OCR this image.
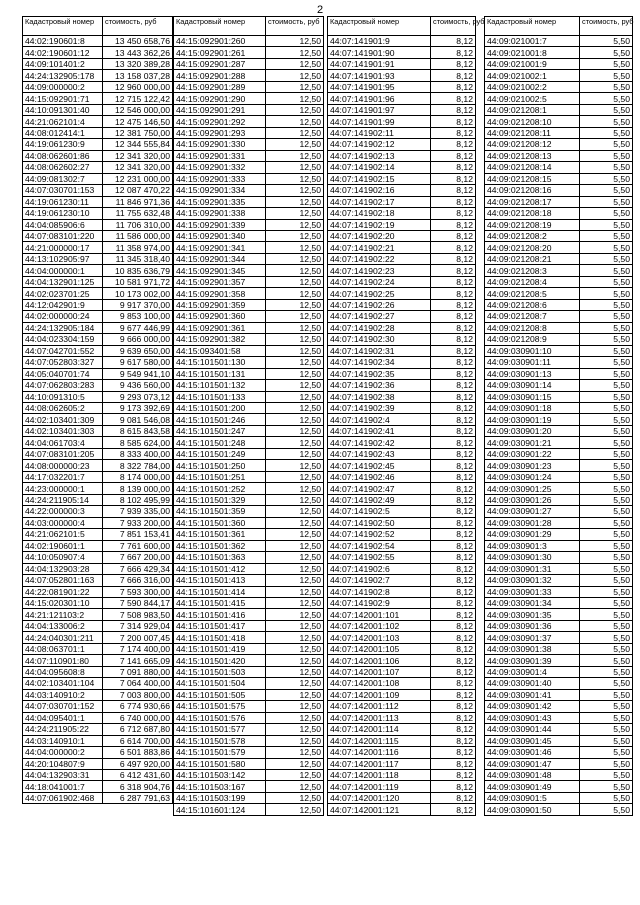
2
Кадастровый номер	стоимость, руб
44:02:190601:8	13 450 658,76
44:02:190601:12	13 443 362,26
44:09:101401:2	13 320 389,28
44:24:132905:178	13 158 037,28
44:09:000000:2	12 960 000,00
44:15:092901:71	12 715 122,42
44:10:091301:40	12 546 000,00
44:21:062101:4	12 475 146,50
44:08:012414:1	12 381 750,00
44:19:061230:9	12 344 555,84
44:08:062601:86	12 341 320,00
44:08:062602:27	12 341 320,00
44:09:081302:7	12 231 000,00
44:07:030701:153	12 087 470,22
44:19:061230:11	11 846 971,36
44:19:061230:10	11 755 632,48
44:04:085906:6	11 706 310,00
44:07:083101:220	11 586 000,00
44:21:000000:17	11 358 974,00
44:13:102905:97	11 345 318,40
44:04:000000:1	10 835 636,79
44:04:132901:125	10 581 971,72
44:02:023701:25	10 173 002,00
44:12:042901:9	9 917 370,00
44:02:000000:24	9 853 100,00
44:24:132905:184	9 677 446,99
44:04:023304:159	9 666 000,00
44:07:042701:552	9 639 650,00
44:07:052803:327	9 617 580,00
44:05:040701:74	9 549 941,10
44:07:062803:283	9 436 560,00
44:10:091310:5	9 293 073,12
44:08:062605:2	9 173 392,69
44:02:103401:309	9 081 546,08
44:02:103401:303	8 615 843,58
44:04:061703:4	8 585 624,00
44:07:083101:205	8 333 400,00
44:08:000000:23	8 322 784,00
44:17:032201:7	8 174 000,00
44:23:000000:1	8 139 000,00
44:24:211905:14	8 102 495,99
44:22:000000:3	7 939 335,00
44:03:000000:4	7 933 200,00
44:21:062101:5	7 851 153,41
44:02:190601:1	7 761 600,00
44:10:050907:4	7 667 200,00
44:04:132903:28	7 666 429,34
44:07:052801:163	7 666 316,00
44:22:081901:22	7 593 300,00
44:15:020301:10	7 590 844,17
44:21:121103:2	7 508 983,50
44:04:133006:2	7 314 929,04
44:24:040301:211	7 200 007,45
44:08:063701:1	7 174 400,00
44:07:110901:80	7 141 665,09
44:04:095608:8	7 091 880,00
44:02:103401:104	7 064 400,00
44:03:140910:2	7 003 800,00
44:07:030701:152	6 774 930,66
44:04:095401:1	6 740 000,00
44:24:211905:22	6 712 687,80
44:03:140910:1	6 614 700,00
44:04:000000:2	6 501 883,86
44:20:104807:9	6 497 920,00
44:04:132903:31	6 412 431,60
44:18:041001:7	6 318 904,76
44:07:061902:468	6 287 791,63
Кадастровый номер	стоимость, руб
44:15:092901:260	12,50
44:15:092901:261	12,50
44:15:092901:287	12,50
44:15:092901:288	12,50
44:15:092901:289	12,50
44:15:092901:290	12,50
44:15:092901:291	12,50
44:15:092901:292	12,50
44:15:092901:293	12,50
44:15:092901:330	12,50
44:15:092901:331	12,50
44:15:092901:332	12,50
44:15:092901:333	12,50
44:15:092901:334	12,50
44:15:092901:335	12,50
44:15:092901:338	12,50
44:15:092901:339	12,50
44:15:092901:340	12,50
44:15:092901:341	12,50
44:15:092901:344	12,50
44:15:092901:345	12,50
44:15:092901:357	12,50
44:15:092901:358	12,50
44:15:092901:359	12,50
44:15:092901:360	12,50
44:15:092901:361	12,50
44:15:092901:382	12,50
44:15:093401:58	12,50
44:15:101501:130	12,50
44:15:101501:131	12,50
44:15:101501:132	12,50
44:15:101501:133	12,50
44:15:101501:200	12,50
44:15:101501:246	12,50
44:15:101501:247	12,50
44:15:101501:248	12,50
44:15:101501:249	12,50
44:15:101501:250	12,50
44:15:101501:251	12,50
44:15:101501:252	12,50
44:15:101501:329	12,50
44:15:101501:359	12,50
44:15:101501:360	12,50
44:15:101501:361	12,50
44:15:101501:362	12,50
44:15:101501:363	12,50
44:15:101501:412	12,50
44:15:101501:413	12,50
44:15:101501:414	12,50
44:15:101501:415	12,50
44:15:101501:416	12,50
44:15:101501:417	12,50
44:15:101501:418	12,50
44:15:101501:419	12,50
44:15:101501:420	12,50
44:15:101501:503	12,50
44:15:101501:504	12,50
44:15:101501:505	12,50
44:15:101501:575	12,50
44:15:101501:576	12,50
44:15:101501:577	12,50
44:15:101501:578	12,50
44:15:101501:579	12,50
44:15:101501:580	12,50
44:15:101503:142	12,50
44:15:101503:167	12,50
44:15:101503:199	12,50
44:15:101601:124	12,50
Кадастровый номер	стоимость, руб
44:07:141901:9	8,12
44:07:141901:90	8,12
44:07:141901:91	8,12
44:07:141901:93	8,12
44:07:141901:95	8,12
44:07:141901:96	8,12
44:07:141901:97	8,12
44:07:141901:99	8,12
44:07:141902:11	8,12
44:07:141902:12	8,12
44:07:141902:13	8,12
44:07:141902:14	8,12
44:07:141902:15	8,12
44:07:141902:16	8,12
44:07:141902:17	8,12
44:07:141902:18	8,12
44:07:141902:19	8,12
44:07:141902:20	8,12
44:07:141902:21	8,12
44:07:141902:22	8,12
44:07:141902:23	8,12
44:07:141902:24	8,12
44:07:141902:25	8,12
44:07:141902:26	8,12
44:07:141902:27	8,12
44:07:141902:28	8,12
44:07:141902:30	8,12
44:07:141902:31	8,12
44:07:141902:34	8,12
44:07:141902:35	8,12
44:07:141902:36	8,12
44:07:141902:38	8,12
44:07:141902:39	8,12
44:07:141902:4	8,12
44:07:141902:41	8,12
44:07:141902:42	8,12
44:07:141902:43	8,12
44:07:141902:45	8,12
44:07:141902:46	8,12
44:07:141902:47	8,12
44:07:141902:49	8,12
44:07:141902:5	8,12
44:07:141902:50	8,12
44:07:141902:52	8,12
44:07:141902:54	8,12
44:07:141902:55	8,12
44:07:141902:6	8,12
44:07:141902:7	8,12
44:07:141902:8	8,12
44:07:141902:9	8,12
44:07:142001:101	8,12
44:07:142001:102	8,12
44:07:142001:103	8,12
44:07:142001:105	8,12
44:07:142001:106	8,12
44:07:142001:107	8,12
44:07:142001:108	8,12
44:07:142001:109	8,12
44:07:142001:112	8,12
44:07:142001:113	8,12
44:07:142001:114	8,12
44:07:142001:115	8,12
44:07:142001:116	8,12
44:07:142001:117	8,12
44:07:142001:118	8,12
44:07:142001:119	8,12
44:07:142001:120	8,12
44:07:142001:121	8,12
Кадастровый номер	стоимость, руб
44:09:021001:7	5,50
44:09:021001:8	5,50
44:09:021001:9	5,50
44:09:021002:1	5,50
44:09:021002:2	5,50
44:09:021002:5	5,50
44:09:021208:1	5,50
44:09:021208:10	5,50
44:09:021208:11	5,50
44:09:021208:12	5,50
44:09:021208:13	5,50
44:09:021208:14	5,50
44:09:021208:15	5,50
44:09:021208:16	5,50
44:09:021208:17	5,50
44:09:021208:18	5,50
44:09:021208:19	5,50
44:09:021208:2	5,50
44:09:021208:20	5,50
44:09:021208:21	5,50
44:09:021208:3	5,50
44:09:021208:4	5,50
44:09:021208:5	5,50
44:09:021208:6	5,50
44:09:021208:7	5,50
44:09:021208:8	5,50
44:09:021208:9	5,50
44:09:030901:10	5,50
44:09:030901:11	5,50
44:09:030901:13	5,50
44:09:030901:14	5,50
44:09:030901:15	5,50
44:09:030901:18	5,50
44:09:030901:19	5,50
44:09:030901:20	5,50
44:09:030901:21	5,50
44:09:030901:22	5,50
44:09:030901:23	5,50
44:09:030901:24	5,50
44:09:030901:25	5,50
44:09:030901:26	5,50
44:09:030901:27	5,50
44:09:030901:28	5,50
44:09:030901:29	5,50
44:09:030901:3	5,50
44:09:030901:30	5,50
44:09:030901:31	5,50
44:09:030901:32	5,50
44:09:030901:33	5,50
44:09:030901:34	5,50
44:09:030901:35	5,50
44:09:030901:36	5,50
44:09:030901:37	5,50
44:09:030901:38	5,50
44:09:030901:39	5,50
44:09:030901:4	5,50
44:09:030901:40	5,50
44:09:030901:41	5,50
44:09:030901:42	5,50
44:09:030901:43	5,50
44:09:030901:44	5,50
44:09:030901:45	5,50
44:09:030901:46	5,50
44:09:030901:47	5,50
44:09:030901:48	5,50
44:09:030901:49	5,50
44:09:030901:5	5,50
44:09:030901:50	5,50
